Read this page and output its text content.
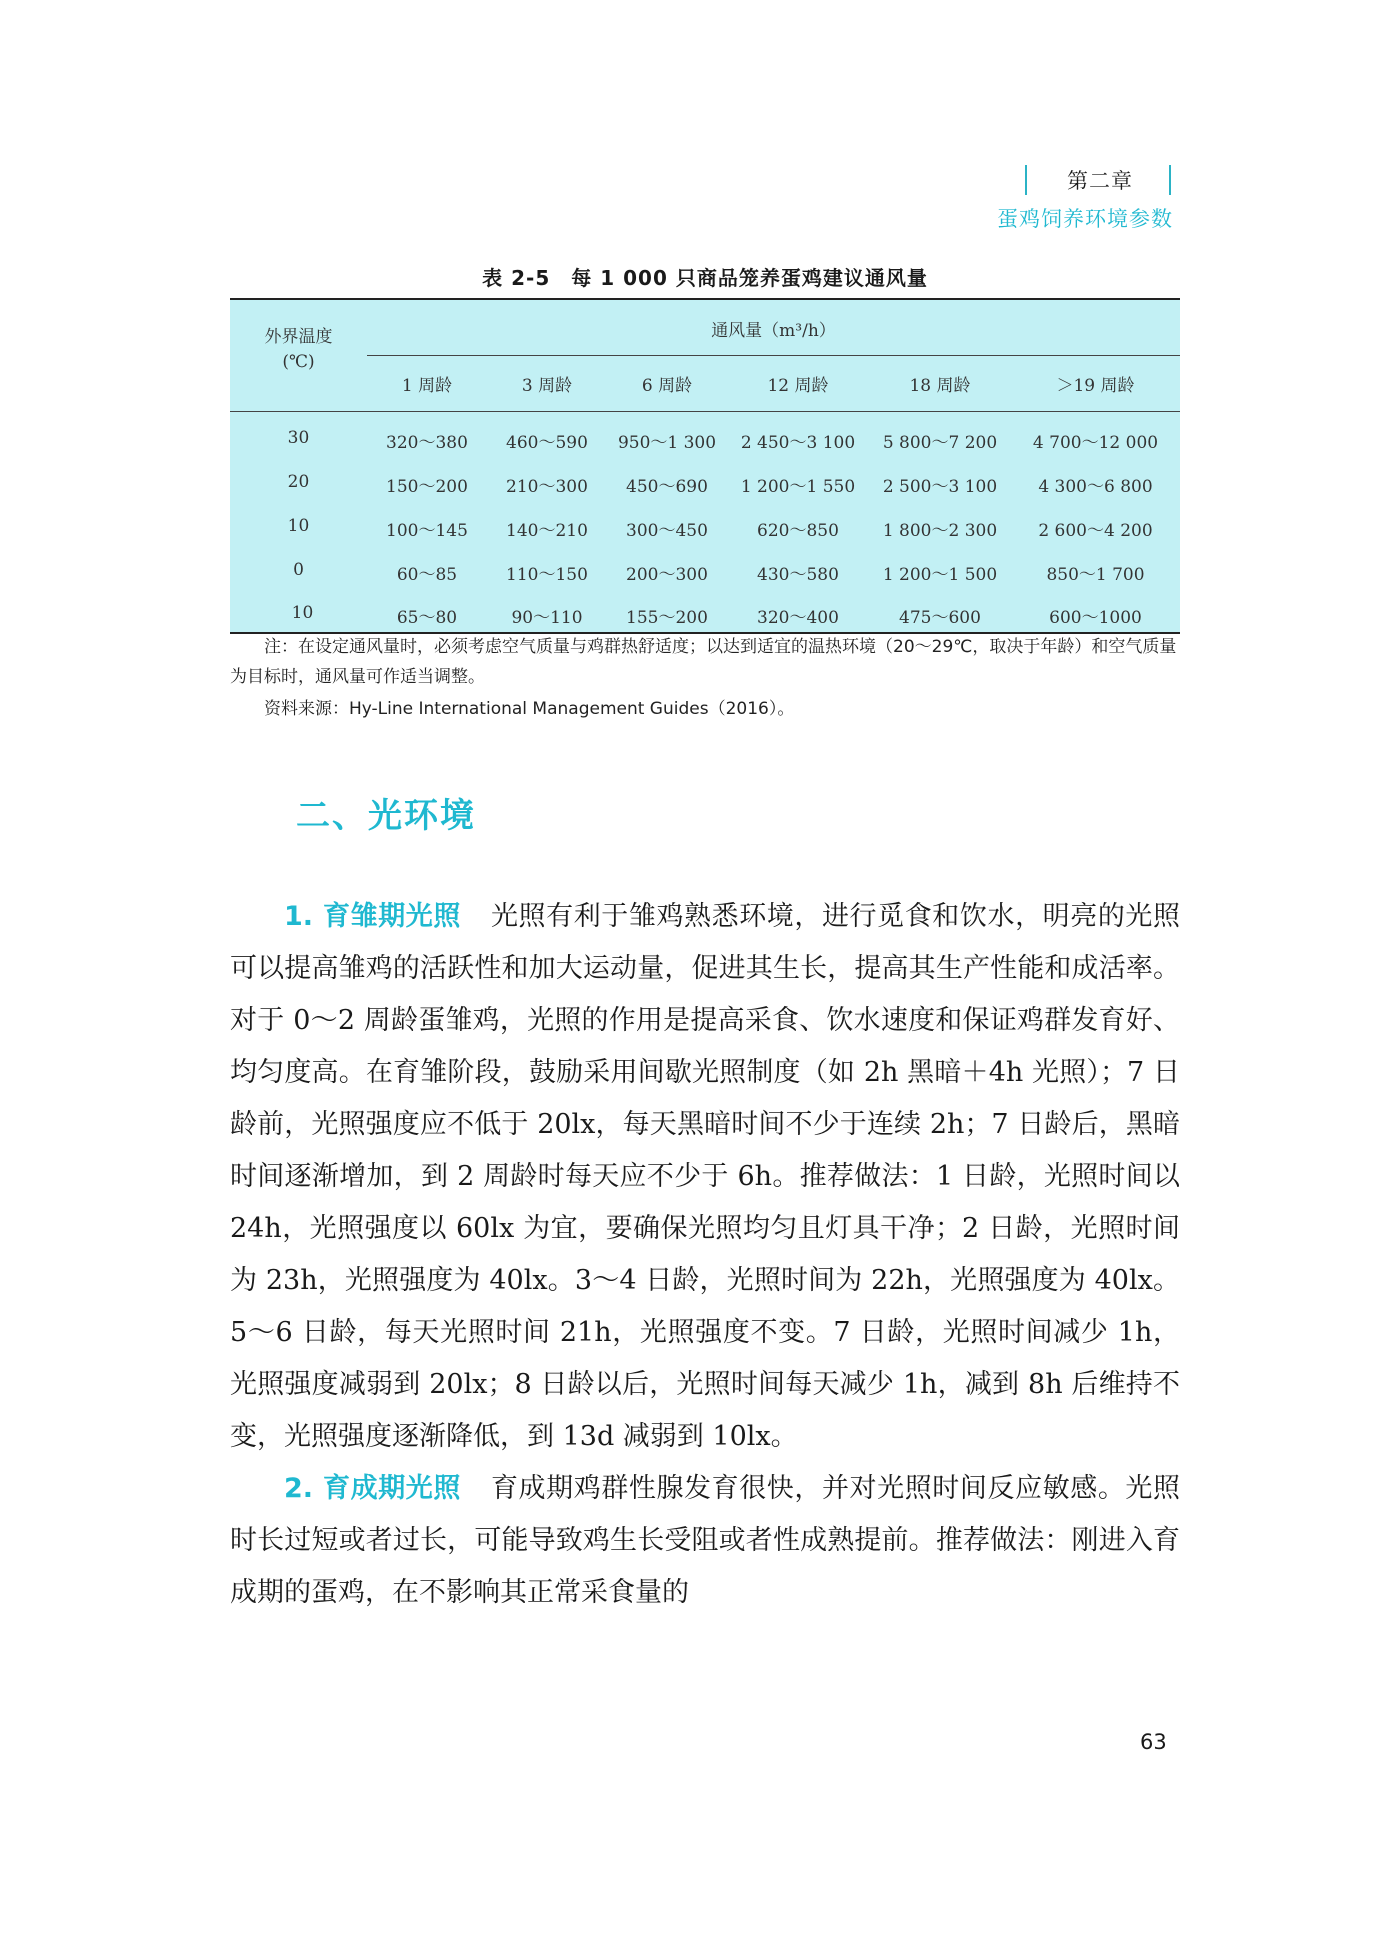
第二章
蛋鸡饲养环境参数
表 2-5　每 1 000 只商品笼养蛋鸡建议通风量
外界温度
(℃)
通风量（m³/h）
1 周龄	3 周龄	6 周龄	12 周龄	18 周龄	＞19 周龄
30	320～380	460～590	950～1 300	2 450～3 100	5 800～7 200	4 700～12 000
20	150～200	210～300	450～690	1 200～1 550	2 500～3 100	4 300～6 800
10	100～145	140～210	300～450	620～850	1 800～2 300	2 600～4 200
0	60～85	110～150	200～300	430～580	1 200～1 500	850～1 700
10	65～80	90～110	155～200	320～400	475～600	600～1000
注：在设定通风量时，必须考虑空气质量与鸡群热舒适度；以达到适宜的温热环境（20～29℃，取决于年龄）和空气质量为目标时，通风量可作适当调整。
资料来源：Hy-Line International Management Guides（2016）。
二、光环境

1. 育雏期光照 光照有利于雏鸡熟悉环境，进行觅食和饮水，明亮的光照可以提高雏鸡的活跃性和加大运动量，促进其生长，提高其生产性能和成活率。对于 0～2 周龄蛋雏鸡，光照的作用是提高采食、饮水速度和保证鸡群发育好、均匀度高。在育雏阶段，鼓励采用间歇光照制度（如 2h 黑暗＋4h 光照）；7 日龄前，光照强度应不低于 20lx，每天黑暗时间不少于连续 2h；7 日龄后，黑暗时间逐渐增加，到 2 周龄时每天应不少于 6h。推荐做法：1 日龄，光照时间以 24h，光照强度以 60lx 为宜，要确保光照均匀且灯具干净；2 日龄，光照时间为 23h，光照强度为 40lx。3～4 日龄，光照时间为 22h，光照强度为 40lx。5～6 日龄，每天光照时间 21h，光照强度不变。7 日龄，光照时间减少 1h，光照强度减弱到 20lx；8 日龄以后，光照时间每天减少 1h，减到 8h 后维持不变，光照强度逐渐降低，到 13d 减弱到 10lx。

2. 育成期光照 育成期鸡群性腺发育很快，并对光照时间反应敏感。光照时长过短或者过长，可能导致鸡生长受阻或者性成熟提前。推荐做法：刚进入育成期的蛋鸡，在不影响其正常采食量的

63
